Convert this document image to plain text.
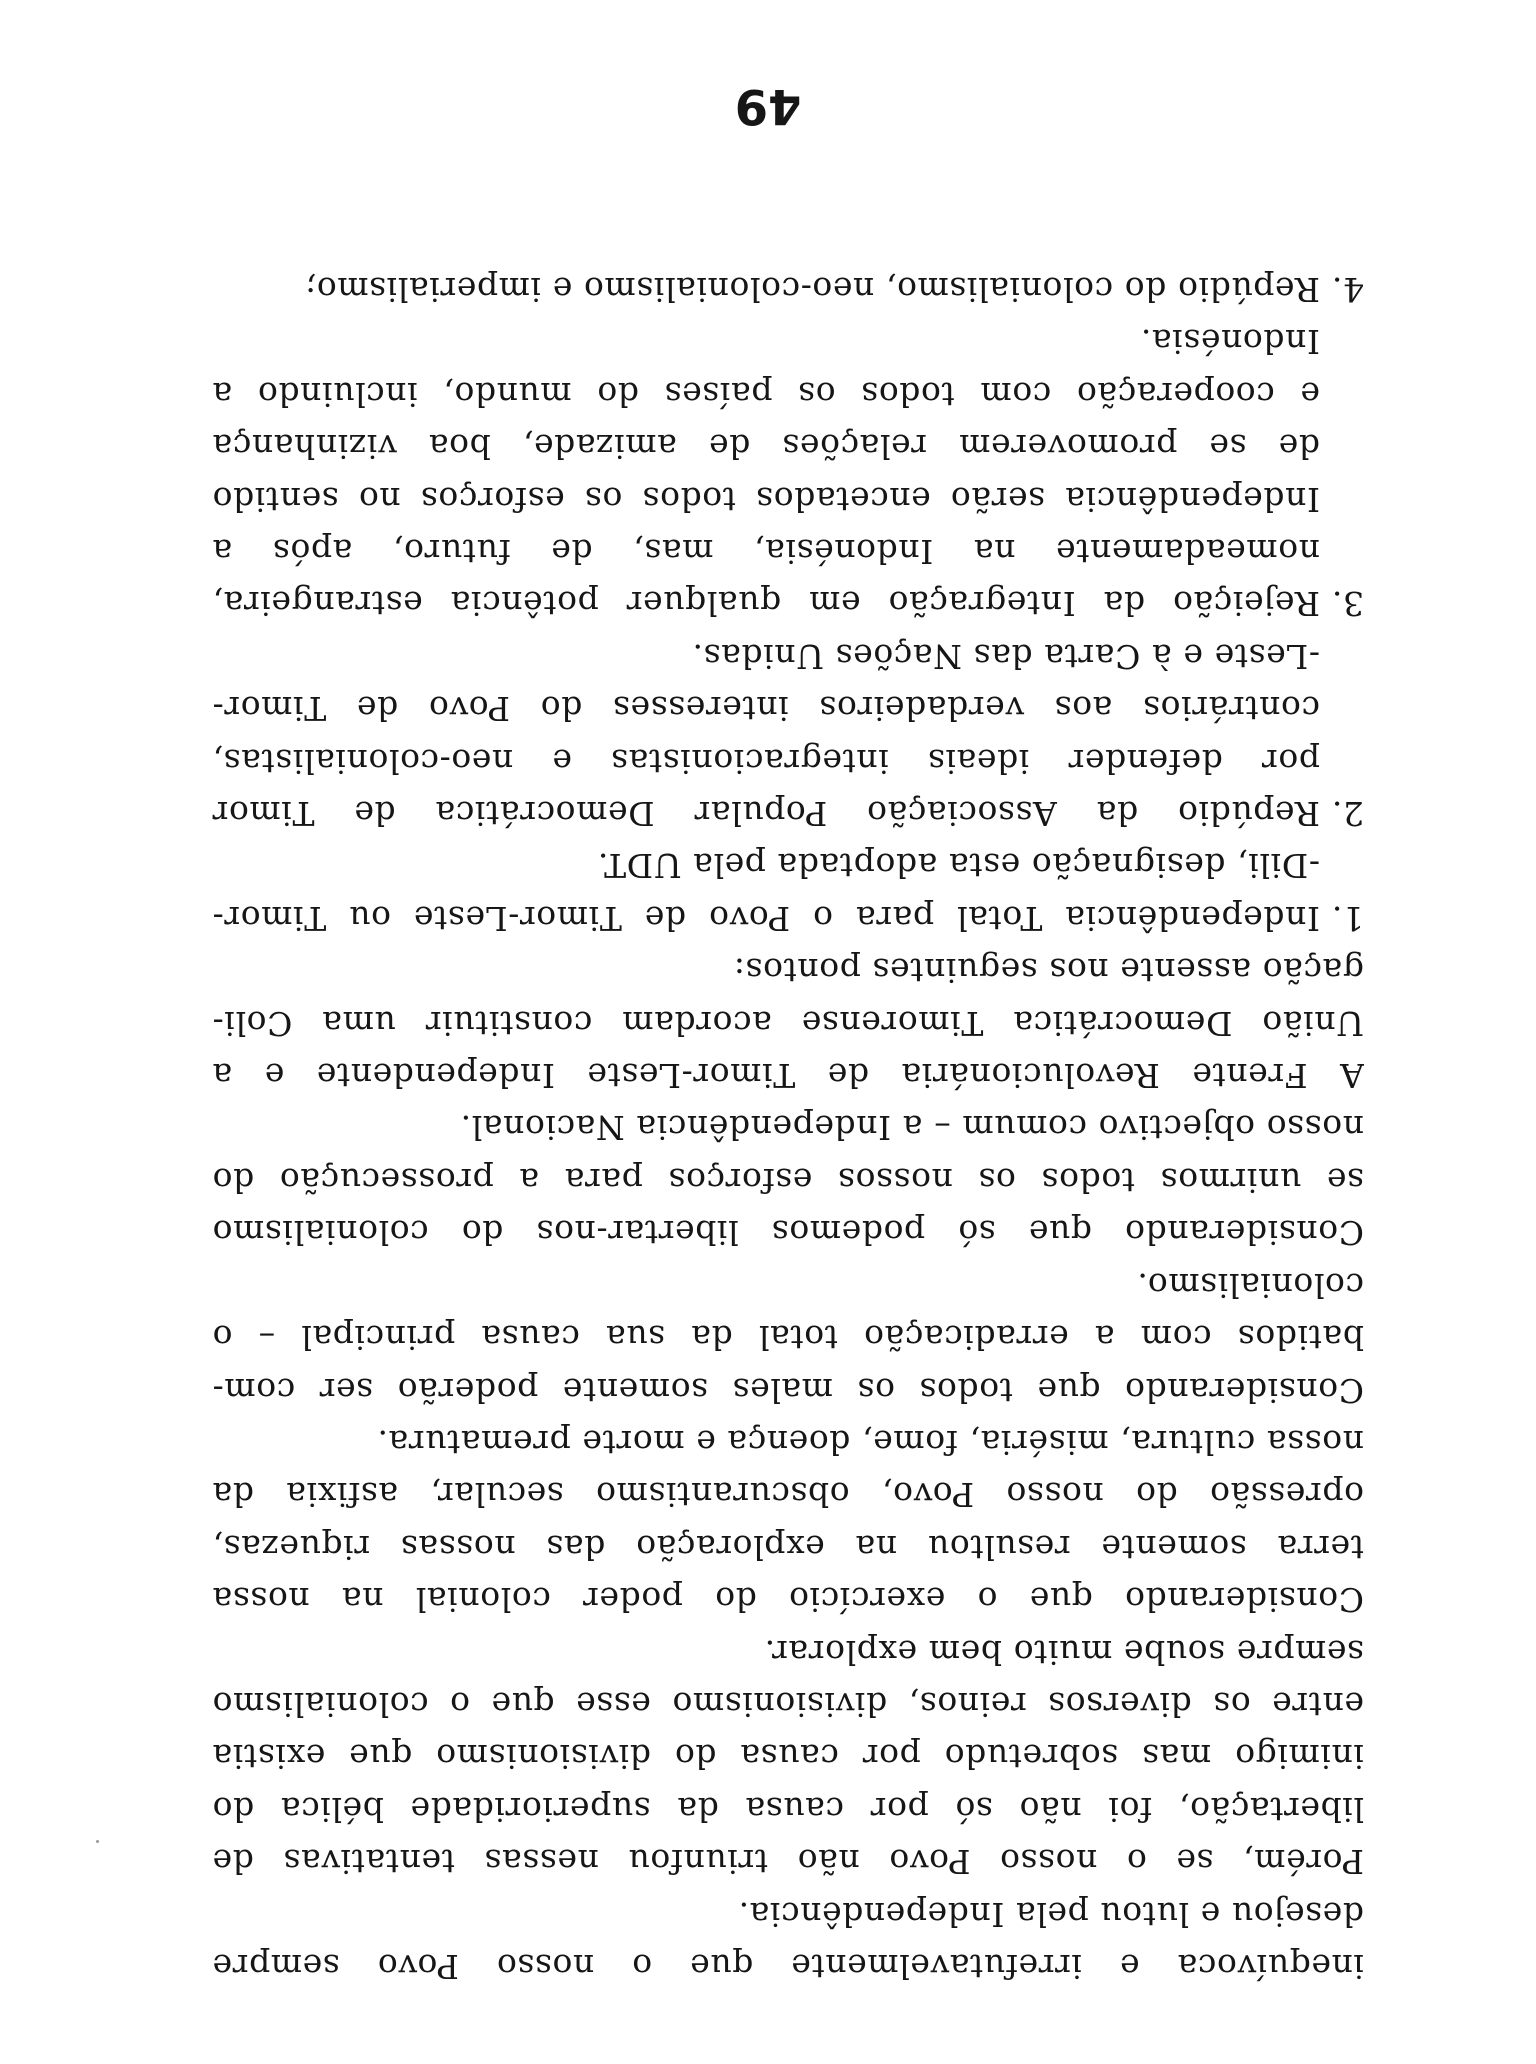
inequívoca e irrefutavelmente que o nosso Povo sempre
desejou e lutou pela Independência.
Porém, se o nosso Povo não triunfou nessas tentativas de
libertação, foi não só por causa da superioridade bélica do
inimigo mas sobretudo por causa do divisionismo que existia
entre os diversos reinos, divisionismo esse que o colonialismo
sempre soube muito bem explorar.
Considerando que o exercício do poder colonial na nossa
terra somente resultou na exploração das nossas riquezas,
opressão do nosso Povo, obscurantismo secular, asfixia da
nossa cultura, miséria, fome, doença e morte prematura.
Considerando que todos os males somente poderão ser com-
batidos com a erradicação total da sua causa principal – o
colonialismo.
Considerando que só podemos libertar-nos do colonialismo
se unirmos todos os nossos esforços para a prossecução do
nosso objectivo comum – a Independência Nacional.
A Frente Revolucionária de Timor-Leste Independente e a
União Democrática Timorense acordam constituir uma Coli-
gação assente nos seguintes pontos:
1.
Independência Total para o Povo de Timor-Leste ou Timor-
-Dili, designação esta adoptada pela UDT.
2.
Repúdio da Associação Popular Democrática de Timor
por defender ideais integracionistas e neo-colonialistas,
contrários aos verdadeiros interesses do Povo de Timor-
-Leste e à Carta das Nações Unidas.
3.
Rejeição da Integração em qualquer potência estrangeira,
nomeadamente na Indonésia, mas, de futuro, após a
Independência serão encetados todos os esforços no sentido
de se promoverem relações de amizade, boa vizinhança
e cooperação com todos os países do mundo, incluindo a
Indonésia.
4.
Repúdio do colonialismo, neo-colonialismo e imperialismo;
49
